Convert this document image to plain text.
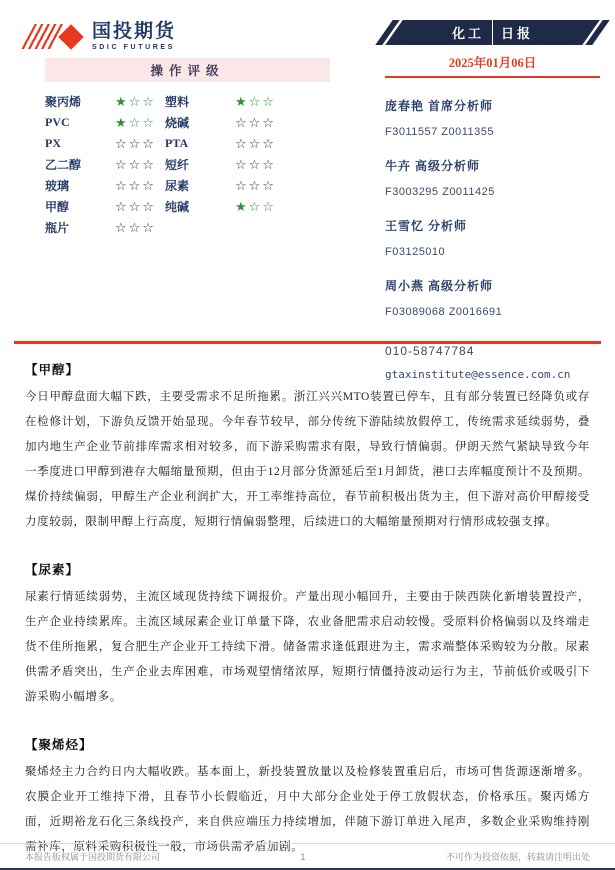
国投期货
SDIC FUTURES
化工	日报
2025年01月06日
庞春艳 首席分析师
F3011557 Z0011355
牛卉 高级分析师
F3003295 Z0011425
王雪忆 分析师
F03125010
周小燕 高级分析师
F03089068 Z0016691
010-58747784
gtaxinstitute@essence.com.cn
操作评级
聚丙烯	★☆☆ 塑料	★☆☆
PVC	★☆☆ 烧碱	☆☆☆
PX	☆☆☆ PTA	☆☆☆
乙二醇	☆☆☆ 短纤	☆☆☆
玻璃	☆☆☆ 尿素	☆☆☆
甲醇	☆☆☆ 纯碱	★☆☆
瓶片	☆☆☆
【甲醇】
今日甲醇盘面大幅下跌，主要受需求不足所拖累。浙江兴兴MTO装置已停车，且有部分装置已经降负或存在检修计划，下游负反馈开始显现。今年春节较早，部分传统下游陆续放假停工，传统需求延续弱势，叠加内地生产企业节前排库需求相对较多，而下游采购需求有限，导致行情偏弱。伊朗天然气紧缺导致今年一季度进口甲醇到港存大幅缩量预期，但由于12月部分货源延后至1月卸货，港口去库幅度预计不及预期。煤价持续偏弱，甲醇生产企业利润扩大，开工率维持高位，春节前积极出货为主，但下游对高价甲醇接受力度较弱，限制甲醇上行高度，短期行情偏弱整理，后续进口的大幅缩量预期对行情形成较强支撑。
【尿素】
尿素行情延续弱势，主流区域现货持续下调报价。产量出现小幅回升，主要由于陕西陕化新增装置投产，生产企业持续累库。主流区域尿素企业订单量下降，农业备肥需求启动较慢。受原料价格偏弱以及终端走货不佳所拖累，复合肥生产企业开工持续下滑。储备需求逢低跟进为主，需求端整体采购较为分散。尿素供需矛盾突出，生产企业去库困难，市场观望情绪浓厚，短期行情僵持波动运行为主，节前低价或吸引下游采购小幅增多。
【聚烯烃】
聚烯烃主力合约日内大幅收跌。基本面上，新投装置放量以及检修装置重启后，市场可售货源逐渐增多。农膜企业开工维持下滑，且春节小长假临近，月中大部分企业处于停工放假状态，价格承压。聚丙烯方面，近期裕龙石化三条线投产，来自供应端压力持续增加，伴随下游订单进入尾声，多数企业采购维持刚需补库，原料采购积极性一般，市场供需矛盾加剧。
本报告版权属于国投期货有限公司	1	不可作为投资依据，转载请注明出处
